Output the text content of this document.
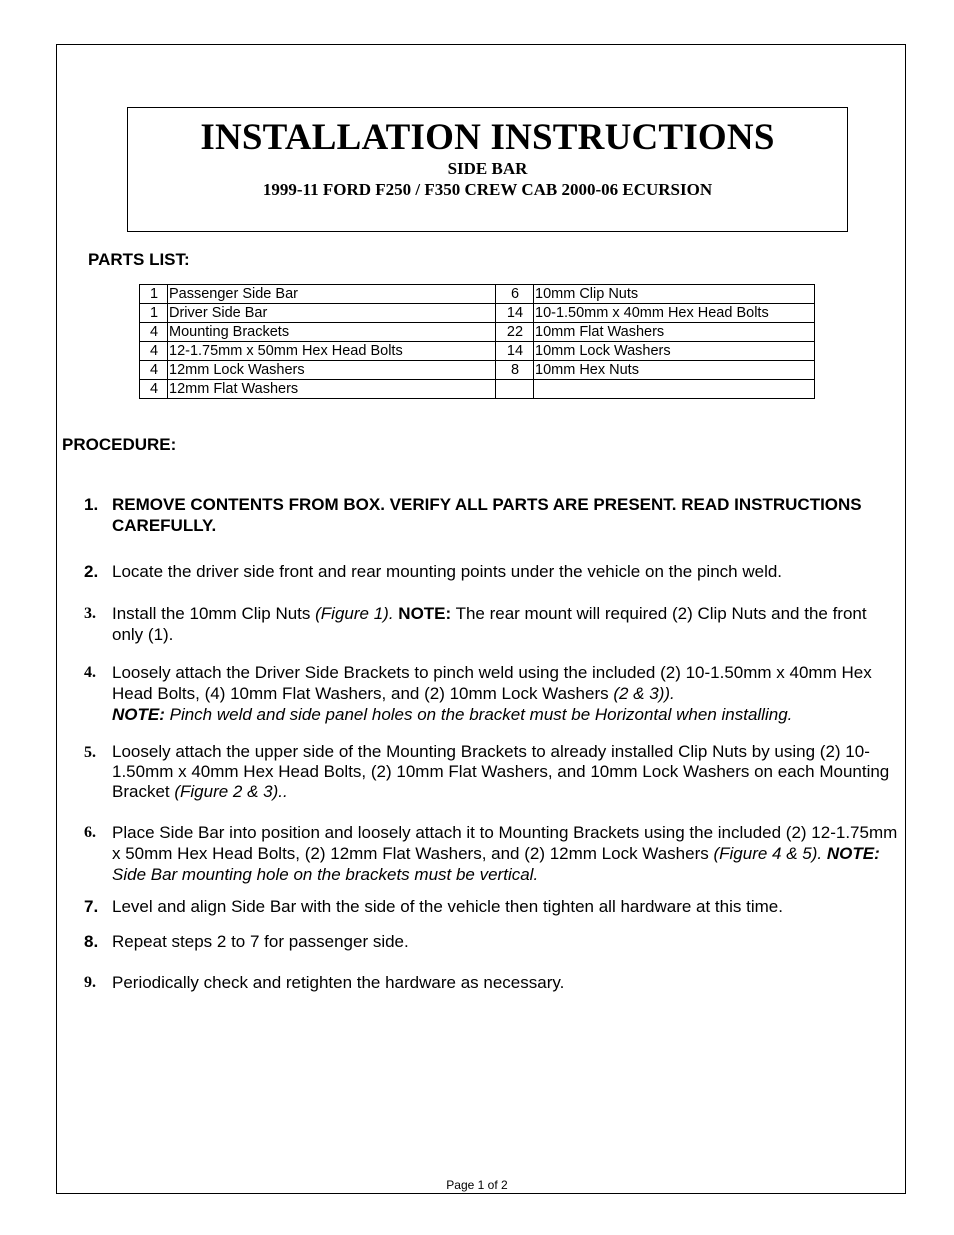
INSTALLATION INSTRUCTIONS
SIDE BAR
1999-11 FORD F250 / F350 CREW CAB 2000-06 ECURSION
PARTS LIST:
1	Passenger Side Bar	6	10mm Clip Nuts
1	Driver Side Bar	14	10-1.50mm x 40mm Hex Head Bolts
4	Mounting Brackets	22	10mm Flat Washers
4	12-1.75mm x 50mm Hex Head Bolts	14	10mm Lock Washers
4	12mm Lock Washers	8	10mm Hex Nuts
4	12mm Flat Washers		
PROCEDURE:
1. REMOVE CONTENTS FROM BOX. VERIFY ALL PARTS ARE PRESENT. READ INSTRUCTIONS CAREFULLY.
2. Locate the driver side front and rear mounting points under the vehicle on the pinch weld.
3. Install the 10mm Clip Nuts (Figure 1). NOTE: The rear mount will required (2) Clip Nuts and the front only (1).
4. Loosely attach the Driver Side Brackets to pinch weld using the included (2) 10-1.50mm x 40mm Hex Head Bolts, (4) 10mm Flat Washers, and (2) 10mm Lock Washers (2 & 3)).
NOTE: Pinch weld and side panel holes on the bracket must be Horizontal when installing.
5. Loosely attach the upper side of the Mounting Brackets to already installed Clip Nuts by using (2) 10-1.50mm x 40mm Hex Head Bolts, (2) 10mm Flat Washers, and 10mm Lock Washers on each Mounting Bracket (Figure 2 & 3)..
6. Place Side Bar into position and loosely attach it to Mounting Brackets using the included (2) 12-1.75mm x 50mm Hex Head Bolts, (2) 12mm Flat Washers, and (2) 12mm Lock Washers (Figure 4 & 5). NOTE: Side Bar mounting hole on the brackets must be vertical.
7. Level and align Side Bar with the side of the vehicle then tighten all hardware at this time.
8. Repeat steps 2 to 7 for passenger side.
9. Periodically check and retighten the hardware as necessary.
Page 1 of 2
